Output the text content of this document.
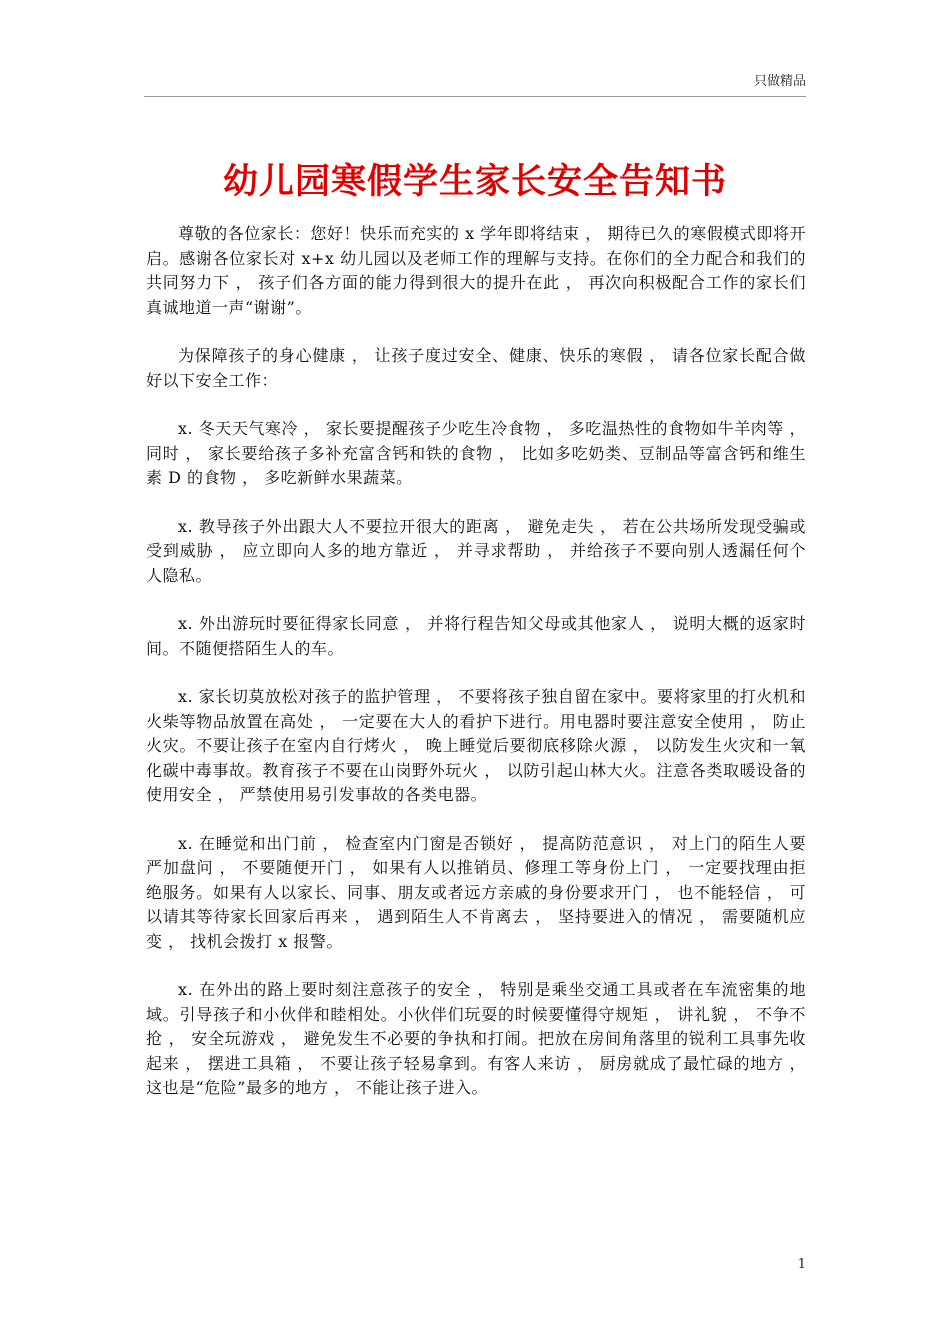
只做精品
幼儿园寒假学生家长安全告知书

尊敬的各位家长：您好！快乐而充实的 x 学年即将结束 ， 期待已久的寒假模式即将开启。感谢各位家长对 x+x 幼儿园以及老师工作的理解与支持。在你们的全力配合和我们的共同努力下 ， 孩子们各方面的能力得到很大的提升在此 ， 再次向积极配合工作的家长们真诚地道一声“谢谢”。

为保障孩子的身心健康 ， 让孩子度过安全、健康、快乐的寒假 ， 请各位家长配合做好以下安全工作：

x. 冬天天气寒冷 ， 家长要提醒孩子少吃生冷食物 ， 多吃温热性的食物如牛羊肉等 ， 同时 ， 家长要给孩子多补充富含钙和铁的食物 ， 比如多吃奶类、豆制品等富含钙和维生素 D 的食物 ， 多吃新鲜水果蔬菜。

x. 教导孩子外出跟大人不要拉开很大的距离 ， 避免走失 ， 若在公共场所发现受骗或受到威胁 ， 应立即向人多的地方靠近 ， 并寻求帮助 ， 并给孩子不要向别人透漏任何个人隐私。

x. 外出游玩时要征得家长同意 ， 并将行程告知父母或其他家人 ， 说明大概的返家时间。不随便搭陌生人的车。

x. 家长切莫放松对孩子的监护管理 ， 不要将孩子独自留在家中。要将家里的打火机和火柴等物品放置在高处 ， 一定要在大人的看护下进行。用电器时要注意安全使用 ， 防止火灾。不要让孩子在室内自行烤火 ， 晚上睡觉后要彻底移除火源 ， 以防发生火灾和一氧化碳中毒事故。教育孩子不要在山岗野外玩火 ， 以防引起山林大火。注意各类取暖设备的使用安全 ， 严禁使用易引发事故的各类电器。

x. 在睡觉和出门前 ， 检查室内门窗是否锁好 ， 提高防范意识 ， 对上门的陌生人要严加盘问 ， 不要随便开门 ， 如果有人以推销员、修理工等身份上门 ， 一定要找理由拒绝服务。如果有人以家长、同事、朋友或者远方亲戚的身份要求开门 ， 也不能轻信 ， 可以请其等待家长回家后再来 ， 遇到陌生人不肯离去 ， 坚持要进入的情况 ， 需要随机应变 ， 找机会拨打 x 报警。

x. 在外出的路上要时刻注意孩子的安全 ， 特别是乘坐交通工具或者在车流密集的地域。引导孩子和小伙伴和睦相处。小伙伴们玩耍的时候要懂得守规矩 ， 讲礼貌 ， 不争不抢 ， 安全玩游戏 ， 避免发生不必要的争执和打闹。把放在房间角落里的锐利工具事先收起来 ， 摆进工具箱 ， 不要让孩子轻易拿到。有客人来访 ， 厨房就成了最忙碌的地方 ， 这也是“危险”最多的地方 ， 不能让孩子进入。

1
